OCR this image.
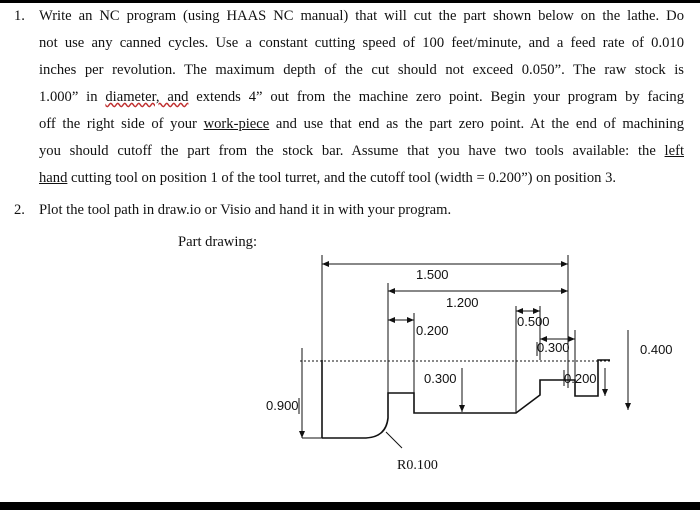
1. Write an NC program (using HAAS NC manual) that will cut the part shown below on the lathe. Do
not use any canned cycles. Use a constant cutting speed of 100 feet/minute, and a feed rate of 0.010
inches per revolution. The maximum depth of the cut should not exceed 0.050”. The raw stock is
1.000” in diameter, and extends 4” out from the machine zero point. Begin your program by facing
off the right side of your work-piece and use that end as the part zero point. At the end of machining
you should cutoff the part from the stock bar. Assume that you have two tools available: the left
hand cutting tool on position 1 of the tool turret, and the cutoff tool (width = 0.200”) on position 3.
2. Plot the tool path in draw.io or Visio and hand it in with your program.
Part drawing:
1.500
1.200
0.200
0.500
0.300	0.400
0.300	0.200
0.900
R0.100
